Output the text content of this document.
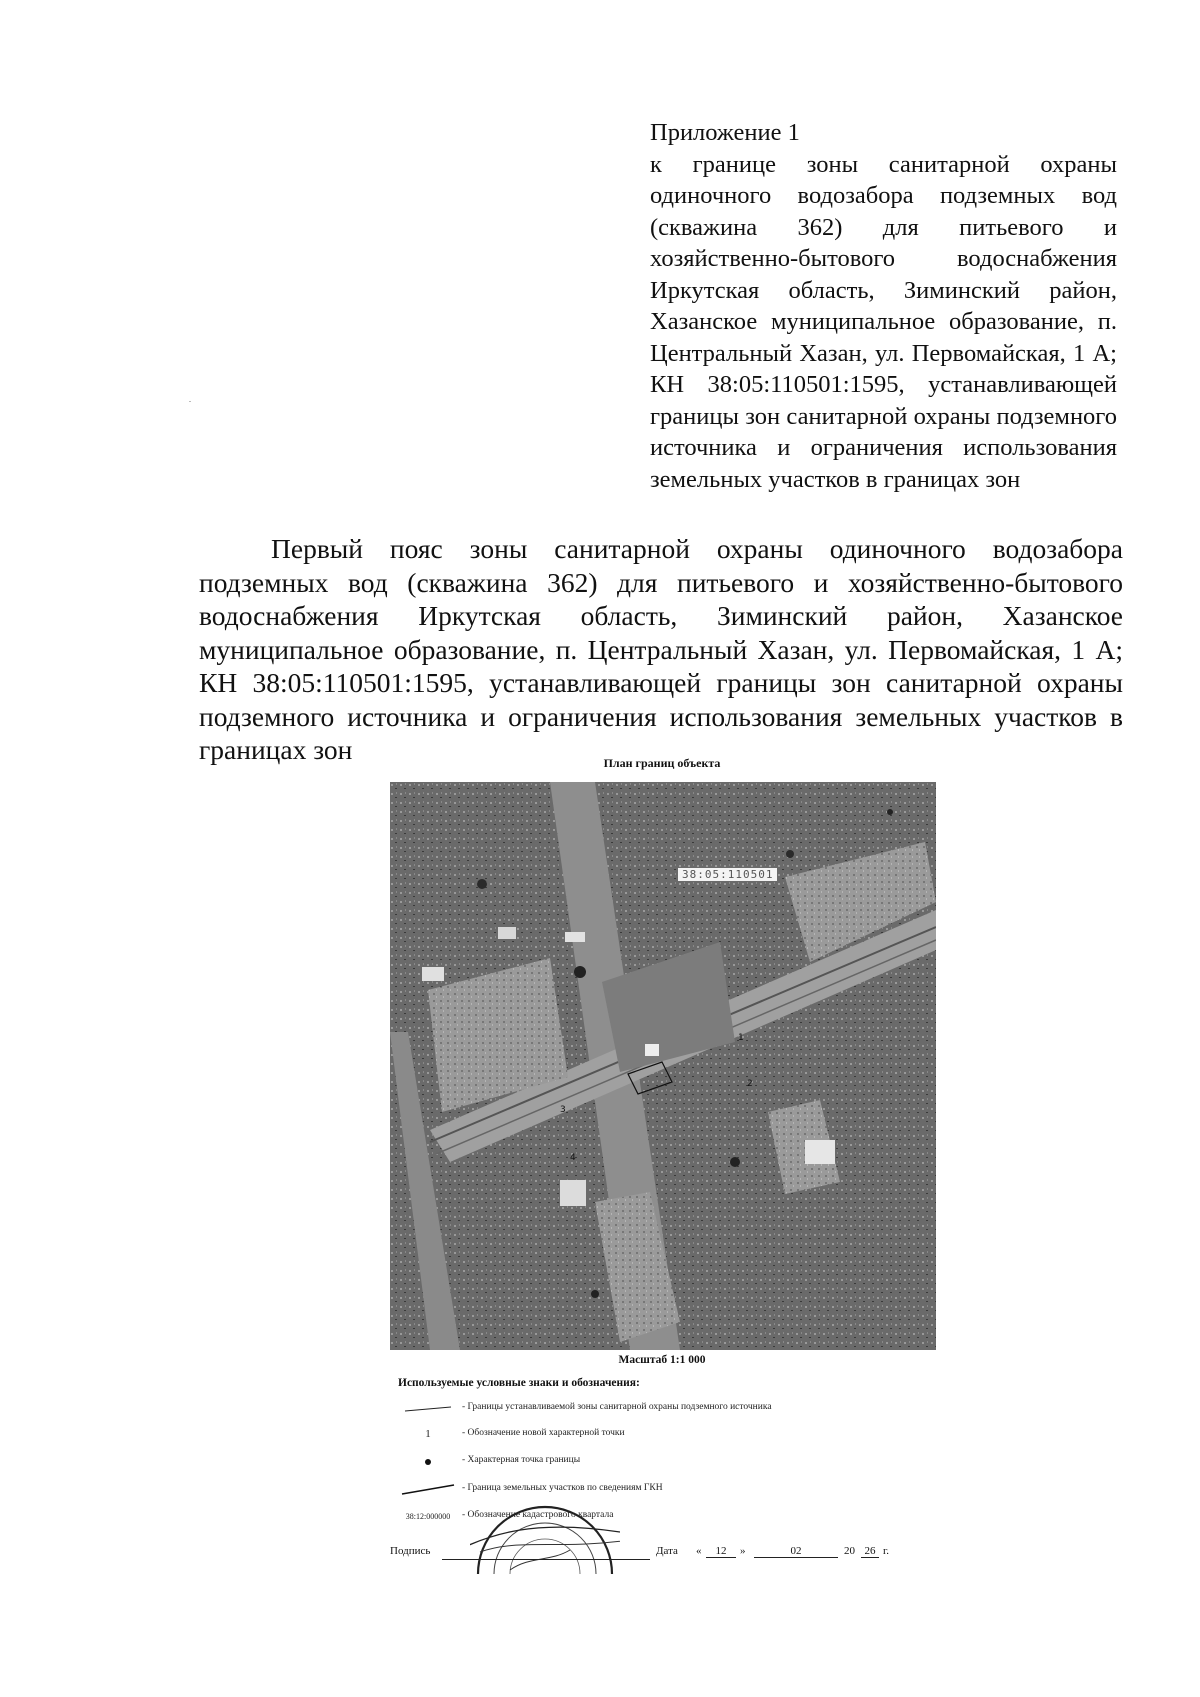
Приложение 1
к границе зоны санитарной охраны одиночного водозабора подземных вод (скважина 362) для питьевого и хозяйственно-бытового водоснабжения Иркутская область, Зиминский район, Хазанское муниципальное образование, п. Центральный Хазан, ул. Первомайская, 1 А; КН 38:05:110501:1595, устанавливающей границы зон санитарной охраны подземного источника и ограничения использования земельных участков в границах зон
Первый пояс зоны санитарной охраны одиночного водозабора подземных вод (скважина 362) для питьевого и хозяйственно-бытового водоснабжения Иркутская область, Зиминский район, Хазанское муниципальное образование, п. Центральный Хазан, ул. Первомайская, 1 А; КН 38:05:110501:1595, устанавливающей границы зон санитарной охраны подземного источника и ограничения использования земельных участков в границах зон	План границ объекта
1
2
3
4
38:05:110501
Масштаб 1:1 000
Используемые условные знаки и обозначения:
- Границы устанавливаемой зоны санитарной охраны подземного источника
1	- Обозначение новой характерной точки
- Характерная точка границы
- Граница земельных участков по сведениям ГКН
38:12:000000	- Обозначение кадастрового квартала
Подпись	Дата «	12	»	02	20 26 г.
